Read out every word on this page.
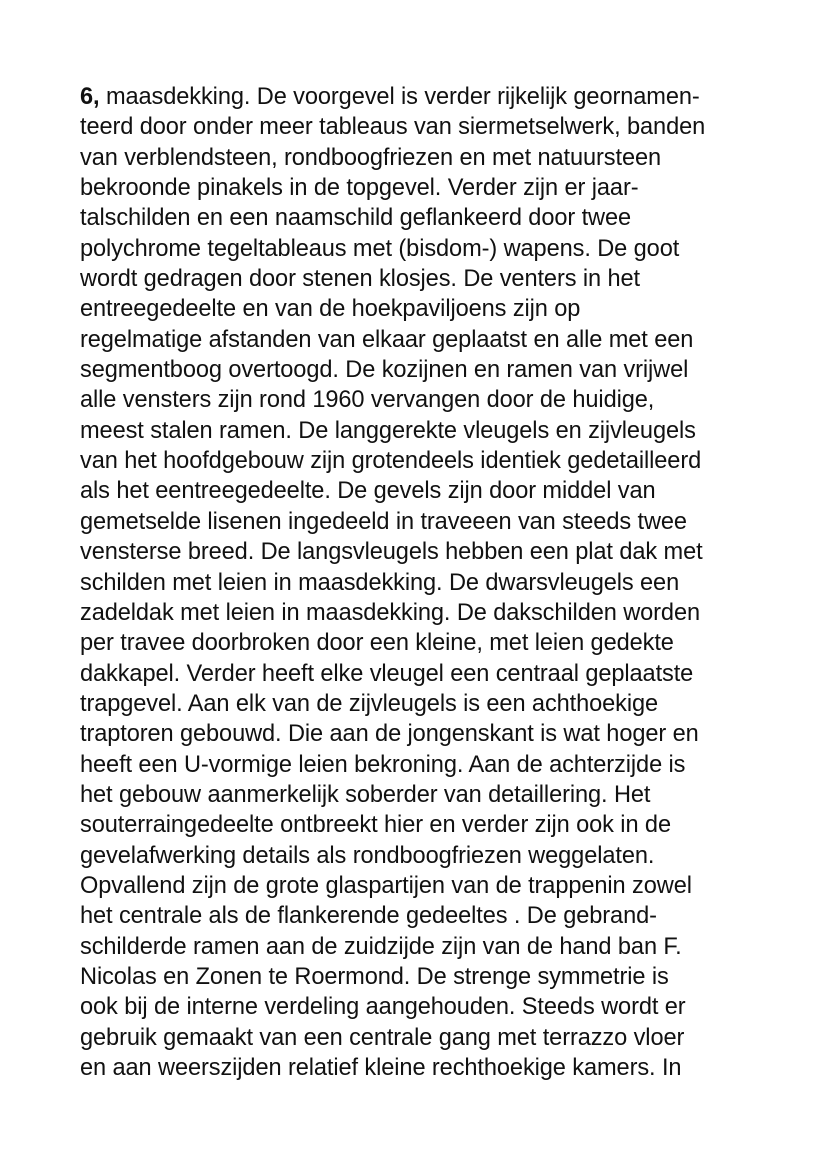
6, maasdekking. De voorgevel is verder rijkelijk geornamen-
teerd door onder meer tableaus van siermetselwerk, banden
van verblendsteen, rondboogfriezen en met natuursteen
bekroonde pinakels in de topgevel. Verder zijn er jaar-
talschilden en een naamschild geflankeerd door twee
polychrome tegeltableaus met (bisdom-) wapens. De goot
wordt gedragen door stenen klosjes. De venters in het
entreegedeelte en van de hoekpaviljoens zijn op
regelmatige afstanden van elkaar geplaatst en alle met een
segmentboog overtoogd. De kozijnen en ramen van vrijwel
alle vensters zijn rond 1960 vervangen door de huidige,
meest stalen ramen. De langgerekte vleugels en zijvleugels
van het hoofdgebouw zijn grotendeels identiek gedetailleerd
als het eentreegedeelte. De gevels zijn door middel van
gemetselde lisenen ingedeeld in traveeen van steeds twee
vensterse breed. De langsvleugels hebben een plat dak met
schilden met leien in maasdekking. De dwarsvleugels een
zadeldak met leien in maasdekking. De dakschilden worden
per travee doorbroken door een kleine, met leien gedekte
dakkapel. Verder heeft elke vleugel een centraal geplaatste
trapgevel. Aan elk van de zijvleugels is een achthoekige
traptoren gebouwd. Die aan de jongenskant is wat hoger en
heeft een U-vormige leien bekroning. Aan de achterzijde is
het gebouw aanmerkelijk soberder van detaillering. Het
souterraingedeelte ontbreekt hier en verder zijn ook in de
gevelafwerking details als rondboogfriezen weggelaten.
Opvallend zijn de grote glaspartijen van de trappenin zowel
het centrale als de flankerende gedeeltes . De gebrand-
schilderde ramen aan de zuidzijde zijn van de hand ban F.
Nicolas en Zonen te Roermond. De strenge symmetrie is
ook bij de interne verdeling aangehouden. Steeds wordt er
gebruik gemaakt van een centrale gang met terrazzo vloer
en aan weerszijden relatief kleine rechthoekige kamers. In
